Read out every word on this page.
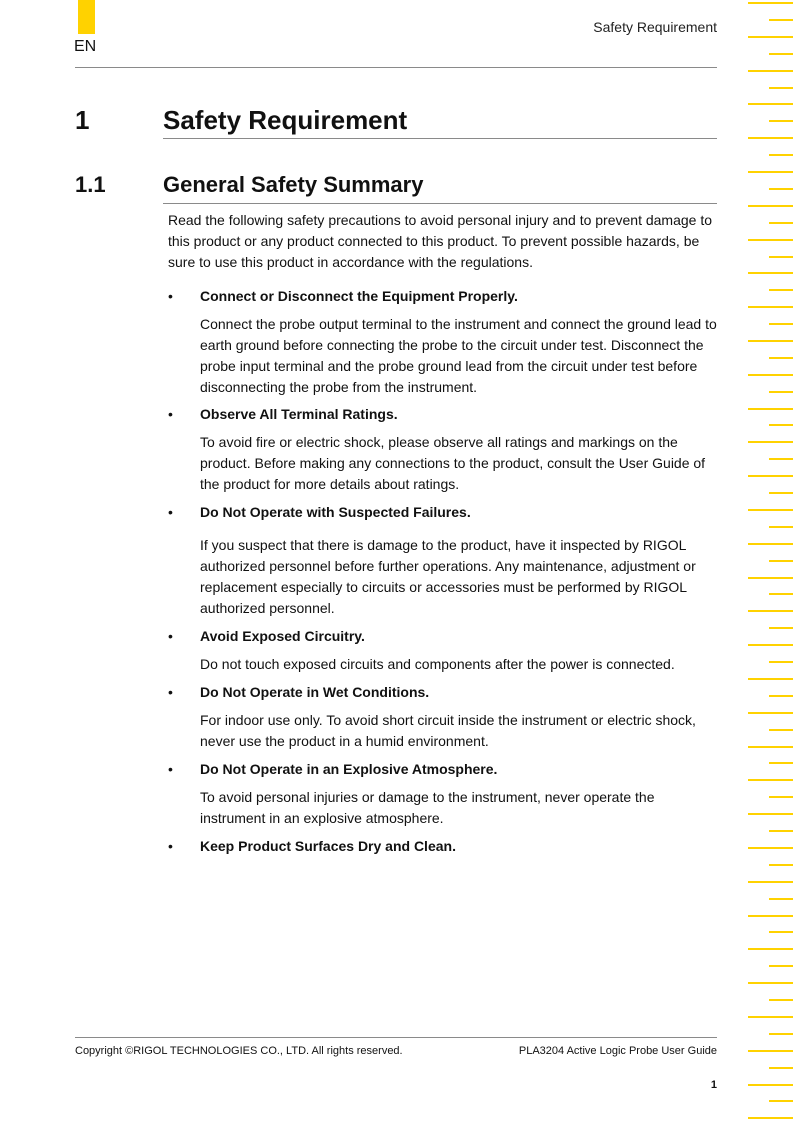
EN
Safety Requirement
1	Safety Requirement
1.1	General Safety Summary
Read the following safety precautions to avoid personal injury and to prevent damage to this product or any product connected to this product. To prevent possible hazards, be sure to use this product in accordance with the regulations.
• Connect or Disconnect the Equipment Properly.
Connect the probe output terminal to the instrument and connect the ground lead to earth ground before connecting the probe to the circuit under test. Disconnect the probe input terminal and the probe ground lead from the circuit under test before disconnecting the probe from the instrument.
• Observe All Terminal Ratings.
To avoid fire or electric shock, please observe all ratings and markings on the product. Before making any connections to the product, consult the User Guide of the product for more details about ratings.
• Do Not Operate with Suspected Failures.
If you suspect that there is damage to the product, have it inspected by RIGOL authorized personnel before further operations. Any maintenance, adjustment or replacement especially to circuits or accessories must be performed by RIGOL authorized personnel.
• Avoid Exposed Circuitry.
Do not touch exposed circuits and components after the power is connected.
• Do Not Operate in Wet Conditions.
For indoor use only. To avoid short circuit inside the instrument or electric shock, never use the product in a humid environment.
• Do Not Operate in an Explosive Atmosphere.
To avoid personal injuries or damage to the instrument, never operate the instrument in an explosive atmosphere.
• Keep Product Surfaces Dry and Clean.
Copyright ©RIGOL TECHNOLOGIES CO., LTD. All rights reserved.	PLA3204 Active Logic Probe User Guide
1
